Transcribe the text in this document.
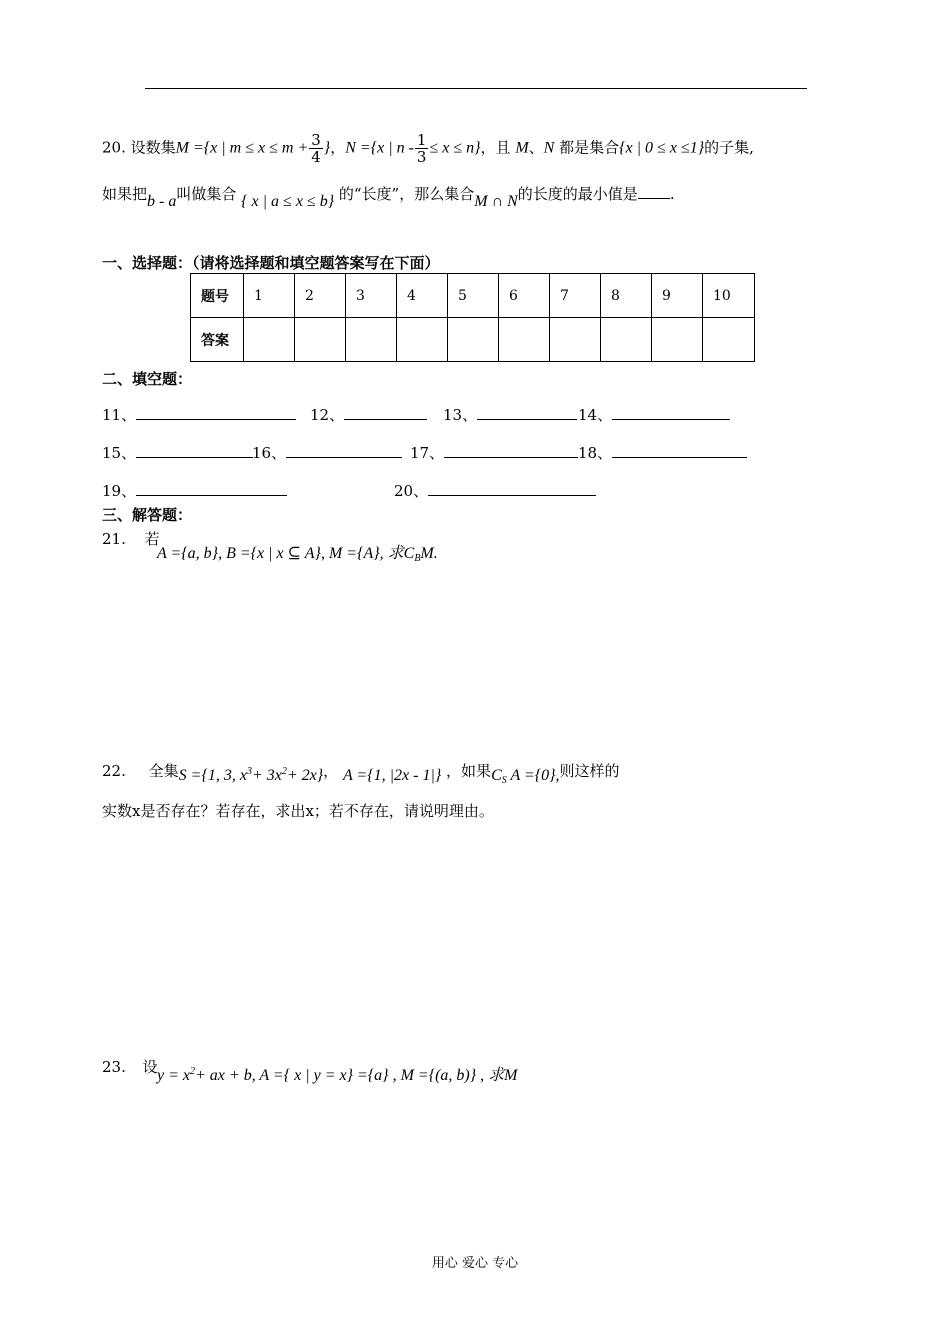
20. 设数集M ={x | $m \le x \le m + \frac{3}{4}$ }，N ={x | $n - \frac{1}{3} \le x \le n$}，且 M、N 都是集合{x | 0 ≤ x ≤1}的子集,
如果把b - a叫做集合 { x | a ≤ x ≤ b} 的“长度”，那么集合M ∩ N的长度的最小值是 .
一、选择题：（请将选择题和填空题答案写在下面）
题号	1	2	3	4	5	6	7	8	9	10
答案										
二、填空题：
11、	12、	13、	14、
15、	16、	17、	18、
19、	20、
三、解答题：
21. 若
A ={a, b}, B ={x | x ⊆ A}, M ={A}, 求$C_BM$.
22. 全集S ={1, 3, $x^3+ 3x^2+ 2x$}， A ={1, |2x - 1|} ，如果$C_S$ A ={0},则这样的
实数x是否存在？若存在，求出x；若不存在，请说明理由。
23. 设 $y = x^2+$ ax + b, A ={ x | y = x} ={a} , M ={(a, b)} , 求M
用心 爱心 专心
